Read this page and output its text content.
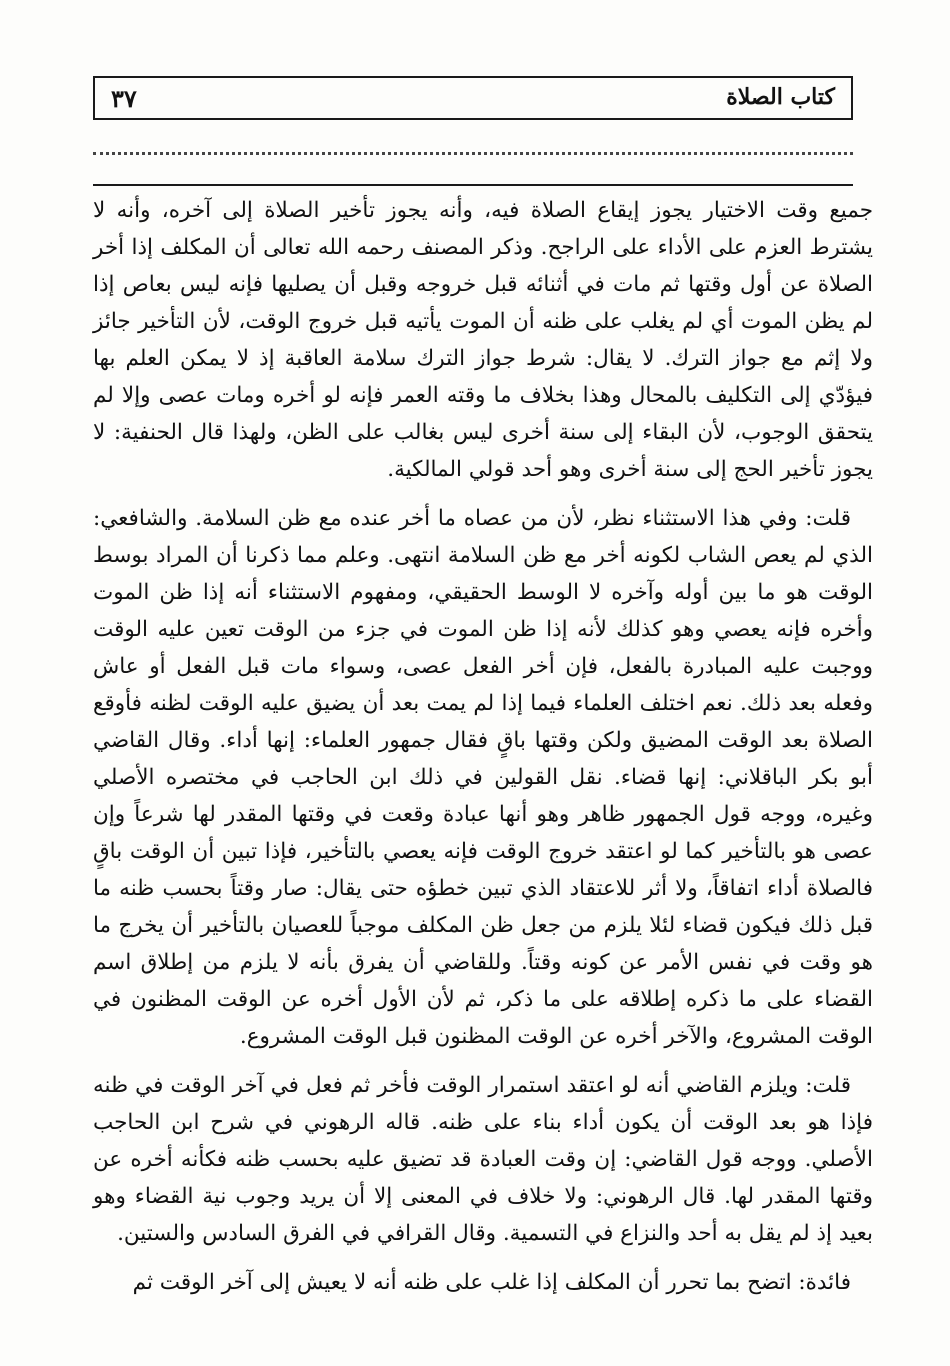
كتاب الصلاة
٣٧

جميع وقت الاختيار يجوز إيقاع الصلاة فيه، وأنه يجوز تأخير الصلاة إلى آخره، وأنه لا يشترط العزم على الأداء على الراجح. وذكر المصنف رحمه الله تعالى أن المكلف إذا أخر الصلاة عن أول وقتها ثم مات في أثنائه قبل خروجه وقبل أن يصليها فإنه ليس بعاص إذا لم يظن الموت أي لم يغلب على ظنه أن الموت يأتيه قبل خروج الوقت، لأن التأخير جائز ولا إثم مع جواز الترك. لا يقال: شرط جواز الترك سلامة العاقبة إذ لا يمكن العلم بها فيؤدّي إلى التكليف بالمحال وهذا بخلاف ما وقته العمر فإنه لو أخره ومات عصى وإلا لم يتحقق الوجوب، لأن البقاء إلى سنة أخرى ليس بغالب على الظن، ولهذا قال الحنفية: لا يجوز تأخير الحج إلى سنة أخرى وهو أحد قولي المالكية.

قلت: وفي هذا الاستثناء نظر، لأن من عصاه ما أخر عنده مع ظن السلامة. والشافعي: الذي لم يعص الشاب لكونه أخر مع ظن السلامة انتهى. وعلم مما ذكرنا أن المراد بوسط الوقت هو ما بين أوله وآخره لا الوسط الحقيقي، ومفهوم الاستثناء أنه إذا ظن الموت وأخره فإنه يعصي وهو كذلك لأنه إذا ظن الموت في جزء من الوقت تعين عليه الوقت ووجبت عليه المبادرة بالفعل، فإن أخر الفعل عصى، وسواء مات قبل الفعل أو عاش وفعله بعد ذلك. نعم اختلف العلماء فيما إذا لم يمت بعد أن يضيق عليه الوقت لظنه فأوقع الصلاة بعد الوقت المضيق ولكن وقتها باقٍ فقال جمهور العلماء: إنها أداء. وقال القاضي أبو بكر الباقلاني: إنها قضاء. نقل القولين في ذلك ابن الحاجب في مختصره الأصلي وغيره، ووجه قول الجمهور ظاهر وهو أنها عبادة وقعت في وقتها المقدر لها شرعاً وإن عصى هو بالتأخير كما لو اعتقد خروج الوقت فإنه يعصي بالتأخير، فإذا تبين أن الوقت باقٍ فالصلاة أداء اتفاقاً، ولا أثر للاعتقاد الذي تبين خطؤه حتى يقال: صار وقتاً بحسب ظنه ما قبل ذلك فيكون قضاء لئلا يلزم من جعل ظن المكلف موجباً للعصيان بالتأخير أن يخرج ما هو وقت في نفس الأمر عن كونه وقتاً. وللقاضي أن يفرق بأنه لا يلزم من إطلاق اسم القضاء على ما ذكره إطلاقه على ما ذكر، ثم لأن الأول أخره عن الوقت المظنون في الوقت المشروع، والآخر أخره عن الوقت المظنون قبل الوقت المشروع.

قلت: ويلزم القاضي أنه لو اعتقد استمرار الوقت فأخر ثم فعل في آخر الوقت في ظنه فإذا هو بعد الوقت أن يكون أداء بناء على ظنه. قاله الرهوني في شرح ابن الحاجب الأصلي. ووجه قول القاضي: إن وقت العبادة قد تضيق عليه بحسب ظنه فكأنه أخره عن وقتها المقدر لها. قال الرهوني: ولا خلاف في المعنى إلا أن يريد وجوب نية القضاء وهو بعيد إذ لم يقل به أحد والنزاع في التسمية. وقال القرافي في الفرق السادس والستين.

فائدة: اتضح بما تحرر أن المكلف إذا غلب على ظنه أنه لا يعيش إلى آخر الوقت ثم
